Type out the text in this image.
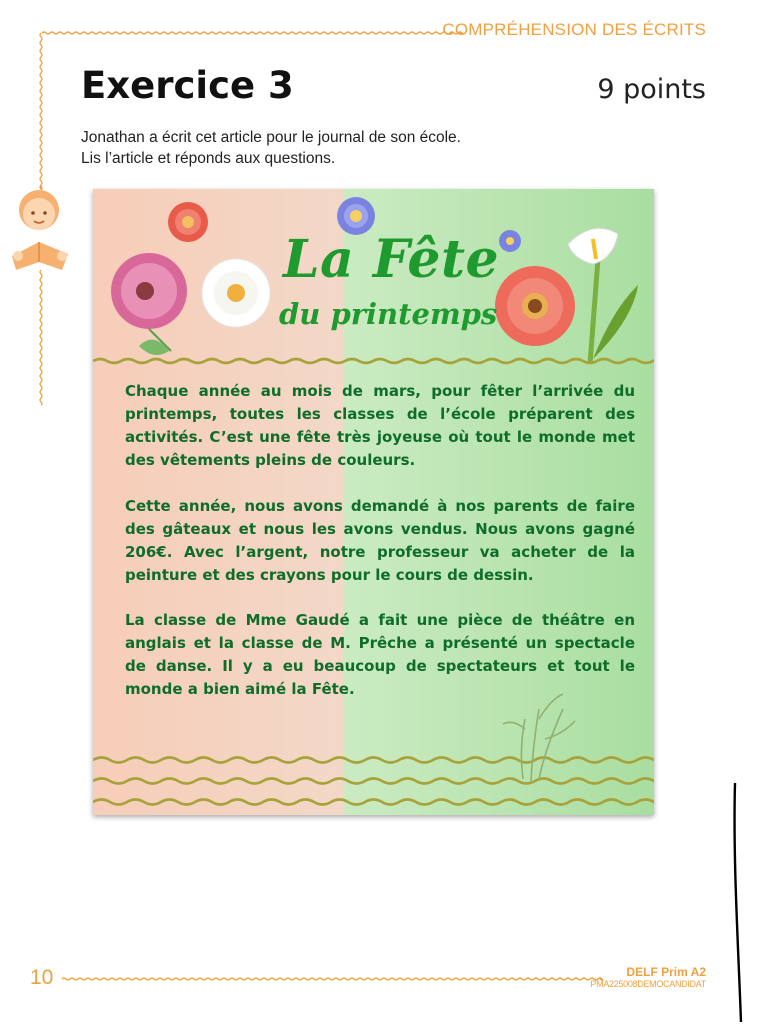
COMPRÉHENSION DES ÉCRITS
Exercice 3	9 points
Jonathan a écrit cet article pour le journal de son école.
Lis l’article et réponds aux questions.
La Fête
du printemps
Chaque année au mois de mars, pour fêter l’arrivée du printemps, toutes les classes de l’école préparent des activités. C’est une fête très joyeuse où tout le monde met des vêtements pleins de couleurs.
Cette année, nous avons demandé à nos parents de faire des gâteaux et nous les avons vendus. Nous avons gagné 206€. Avec l’argent, notre professeur va acheter de la peinture et des crayons pour le cours de dessin.
La classe de Mme Gaudé a fait une pièce de théâtre en anglais et la classe de M. Prêche a présenté un spectacle de danse. Il y a eu beaucoup de spectateurs et tout le monde a bien aimé la Fête.
10	DELF Prim A2
PMA225008DEMOCANDIDAT
